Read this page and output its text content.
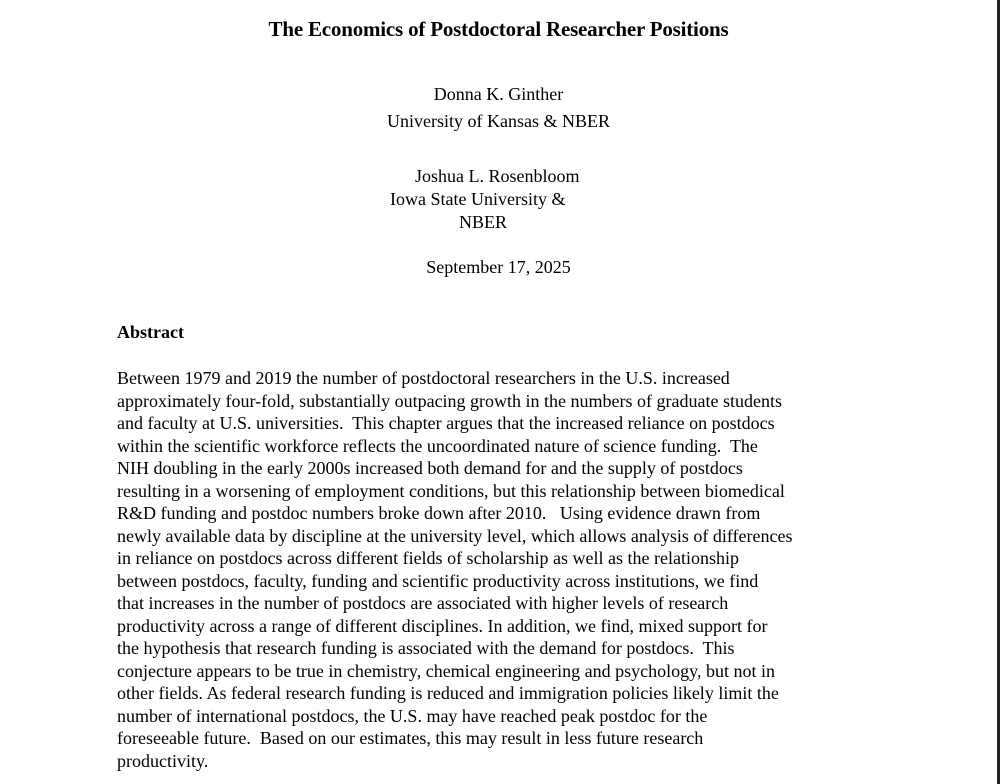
The Economics of Postdoctoral Researcher Positions
Donna K. Ginther
University of Kansas & NBER
Joshua L. Rosenbloom
Iowa State University &
NBER
September 17, 2025
Abstract
Between 1979 and 2019 the number of postdoctoral researchers in the U.S. increased
approximately four-fold, substantially outpacing growth in the numbers of graduate students
and faculty at U.S. universities.  This chapter argues that the increased reliance on postdocs
within the scientific workforce reflects the uncoordinated nature of science funding.  The
NIH doubling in the early 2000s increased both demand for and the supply of postdocs
resulting in a worsening of employment conditions, but this relationship between biomedical
R&D funding and postdoc numbers broke down after 2010.   Using evidence drawn from
newly available data by discipline at the university level, which allows analysis of differences
in reliance on postdocs across different fields of scholarship as well as the relationship
between postdocs, faculty, funding and scientific productivity across institutions, we find
that increases in the number of postdocs are associated with higher levels of research
productivity across a range of different disciplines. In addition, we find, mixed support for
the hypothesis that research funding is associated with the demand for postdocs.  This
conjecture appears to be true in chemistry, chemical engineering and psychology, but not in
other fields. As federal research funding is reduced and immigration policies likely limit the
number of international postdocs, the U.S. may have reached peak postdoc for the
foreseeable future.  Based on our estimates, this may result in less future research
productivity.
